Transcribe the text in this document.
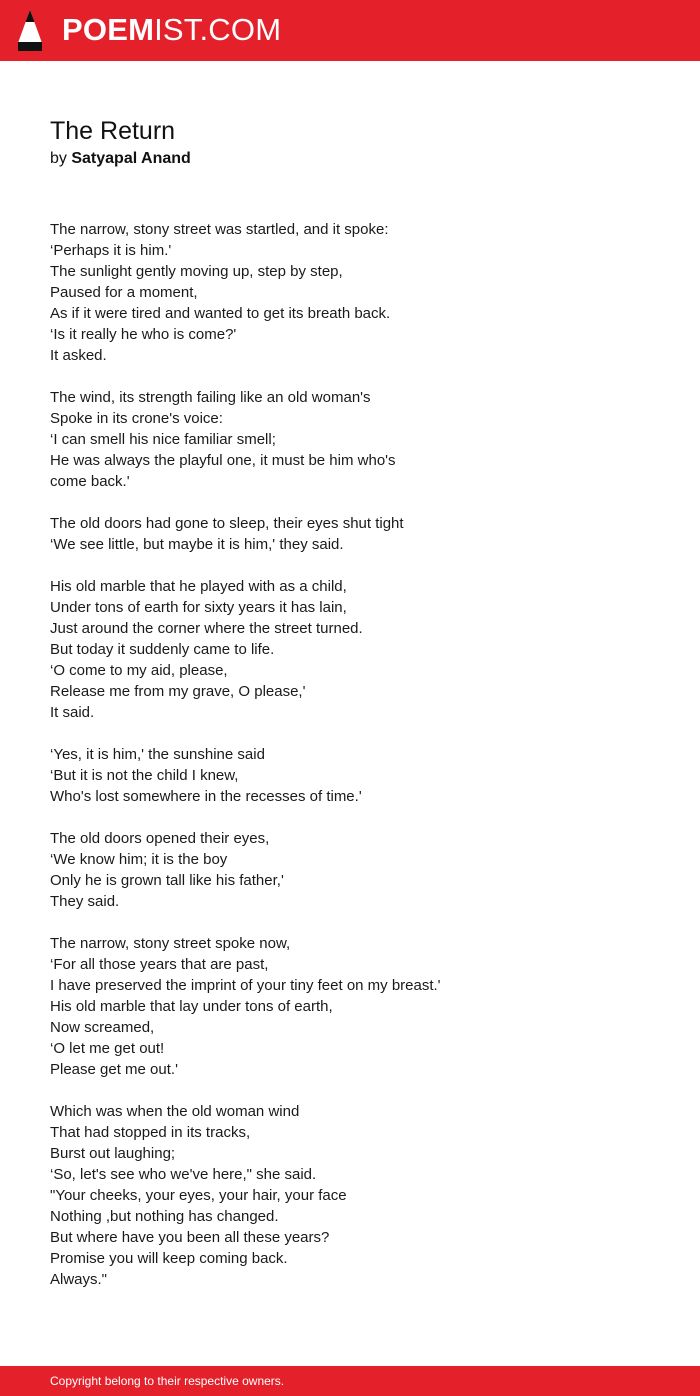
POEMIST.COM
The Return
by Satyapal Anand
The narrow, stony street was startled, and it spoke:
‘Perhaps it is him.'
The sunlight gently moving up, step by step,
Paused for a moment,
As if it were tired and wanted to get its breath back.
‘Is it really he who is come?'
It asked.
The wind, its strength failing like an old woman's
Spoke in its crone's voice:
‘I can smell his nice familiar smell;
He was always the playful one, it must be him who's
come back.'
The old doors had gone to sleep, their eyes shut tight
‘We see little, but maybe it is him,' they said.
His old marble that he played with as a child,
Under tons of earth for sixty years it has lain,
Just around the corner where the street turned.
But today it suddenly came to life.
‘O come to my aid, please,
Release me from my grave, O please,'
It said.
‘Yes, it is him,' the sunshine said
‘But it is not the child I knew,
Who's lost somewhere in the recesses of time.'
The old doors opened their eyes,
‘We know him; it is the boy
Only he is grown tall like his father,'
They said.
The narrow, stony street spoke now,
‘For all those years that are past,
I have preserved the imprint of your tiny feet on my breast.'
His old marble that lay under tons of earth,
Now screamed,
‘O let me get out!
Please get me out.'
Which was when the old woman wind
That had stopped in its tracks,
Burst out laughing;
‘So, let's see who we've here," she said.
"Your cheeks, your eyes, your hair, your face
Nothing ,but nothing has changed.
But where have you been all these years?
Promise you will keep coming back.
Always."
Copyright belong to their respective owners.
